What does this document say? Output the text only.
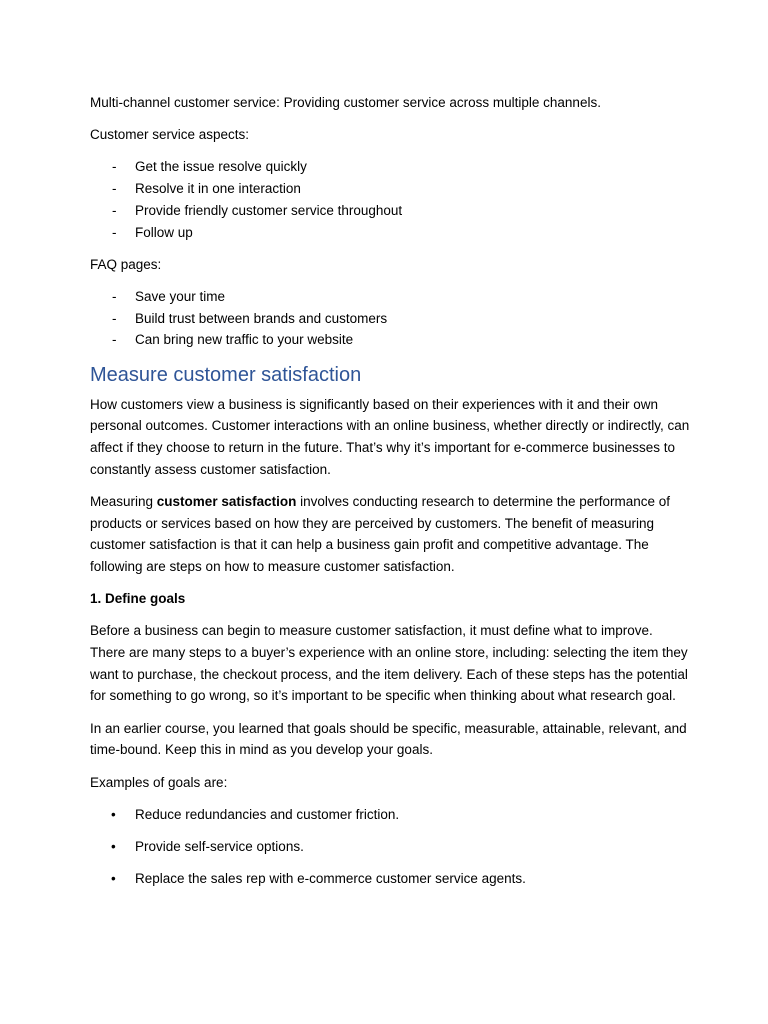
Multi-channel customer service: Providing customer service across multiple channels.

Customer service aspects:

- Get the issue resolve quickly
- Resolve it in one interaction
- Provide friendly customer service throughout
- Follow up

FAQ pages:

- Save your time
- Build trust between brands and customers
- Can bring new traffic to your website
Measure customer satisfaction

How customers view a business is significantly based on their experiences with it and their own personal outcomes. Customer interactions with an online business, whether directly or indirectly, can affect if they choose to return in the future. That’s why it’s important for e-commerce businesses to constantly assess customer satisfaction.

Measuring customer satisfaction involves conducting research to determine the performance of products or services based on how they are perceived by customers. The benefit of measuring customer satisfaction is that it can help a business gain profit and competitive advantage. The following are steps on how to measure customer satisfaction.

1. Define goals

Before a business can begin to measure customer satisfaction, it must define what to improve. There are many steps to a buyer’s experience with an online store, including: selecting the item they want to purchase, the checkout process, and the item delivery. Each of these steps has the potential for something to go wrong, so it’s important to be specific when thinking about what research goal.

In an earlier course, you learned that goals should be specific, measurable, attainable, relevant, and time-bound. Keep this in mind as you develop your goals.

Examples of goals are:

• Reduce redundancies and customer friction.
• Provide self-service options.
• Replace the sales rep with e-commerce customer service agents.
